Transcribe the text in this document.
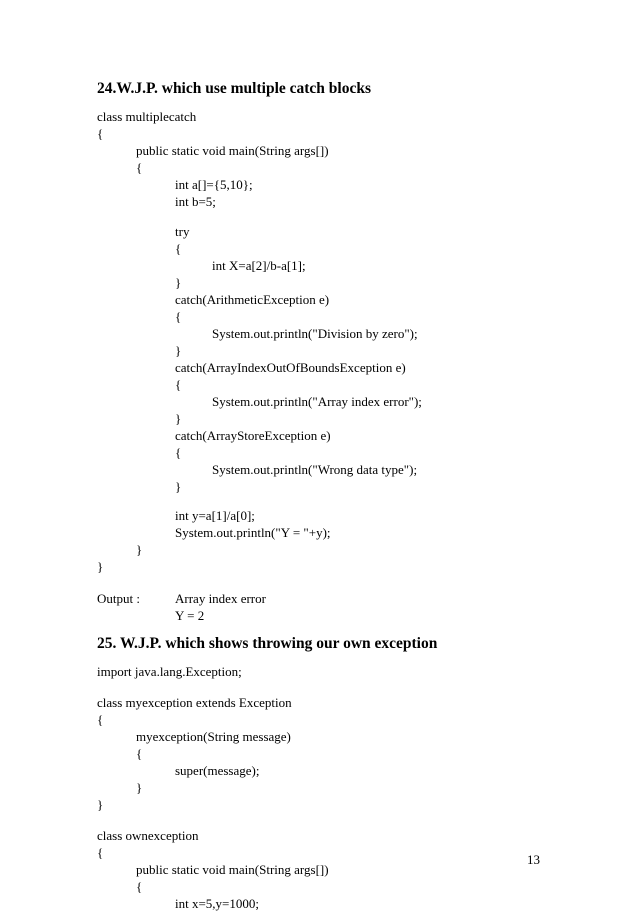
24.W.J.P. which use multiple catch blocks
class multiplecatch
{
public static void main(String args[])
{
int a[]={5,10};
int b=5;
try
{
int X=a[2]/b-a[1];
}
catch(ArithmeticException e)
{
System.out.println("Division by zero");
}
catch(ArrayIndexOutOfBoundsException e)
{
System.out.println("Array index error");
}
catch(ArrayStoreException e)
{
System.out.println("Wrong data type");
}
int y=a[1]/a[0];
System.out.println("Y = "+y);
}
}
Output :	Array index error
Y = 2
25. W.J.P. which shows throwing our own exception
import java.lang.Exception;
class myexception extends Exception
{
myexception(String message)
{
super(message);
}
}
class ownexception
{
public static void main(String args[])
{
int x=5,y=1000;
13
